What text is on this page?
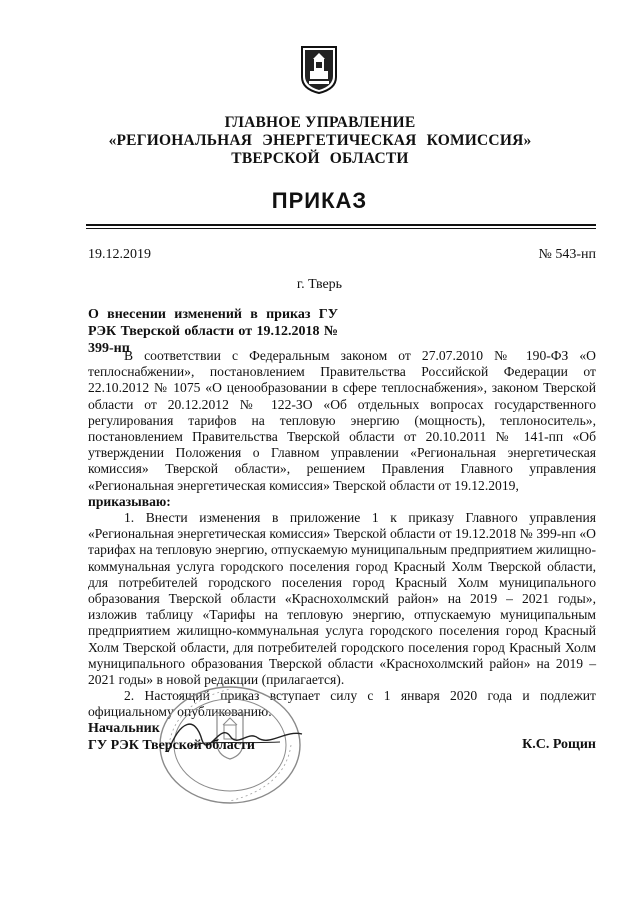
ГЛАВНОЕ УПРАВЛЕНИЕ
«РЕГИОНАЛЬНАЯ ЭНЕРГЕТИЧЕСКАЯ КОМИССИЯ»
ТВЕРСКОЙ ОБЛАСТИ
ПРИКАЗ
19.12.2019	№ 543-нп
г. Тверь
О внесении изменений в приказ ГУ РЭК Тверской области от 19.12.2018 № 399-нп

В соответствии с Федеральным законом от 27.07.2010 № 190-ФЗ «О теплоснабжении», постановлением Правительства Российской Федерации от 22.10.2012 № 1075 «О ценообразовании в сфере теплоснабжения», законом Тверской области от 20.12.2012 № 122-ЗО «Об отдельных вопросах государственного регулирования тарифов на тепловую энергию (мощность), теплоноситель», постановлением Правительства Тверской области от 20.10.2011 № 141-пп «Об утверждении Положения о Главном управлении «Региональная энергетическая комиссия» Тверской области», решением Правления Главного управления «Региональная энергетическая комиссия» Тверской области от 19.12.2019,

приказываю:

1. Внести изменения в приложение 1 к приказу Главного управления «Региональная энергетическая комиссия» Тверской области от 19.12.2018 № 399-нп «О тарифах на тепловую энергию, отпускаемую муниципальным предприятием жилищно-коммунальная услуга городского поселения город Красный Холм Тверской области, для потребителей городского поселения город Красный Холм муниципального образования Тверской области «Краснохолмский район» на 2019 – 2021 годы», изложив таблицу «Тарифы на тепловую энергию, отпускаемую муниципальным предприятием жилищно-коммунальная услуга городского поселения город Красный Холм Тверской области, для потребителей городского поселения город Красный Холм муниципального образования Тверской области «Краснохолмский район» на 2019 – 2021 годы» в новой редакции (прилагается).

2. Настоящий приказ вступает силу с 1 января 2020 года и подлежит официальному опубликованию.

Начальник
ГУ РЭК Тверской области	К.С. Рощин
